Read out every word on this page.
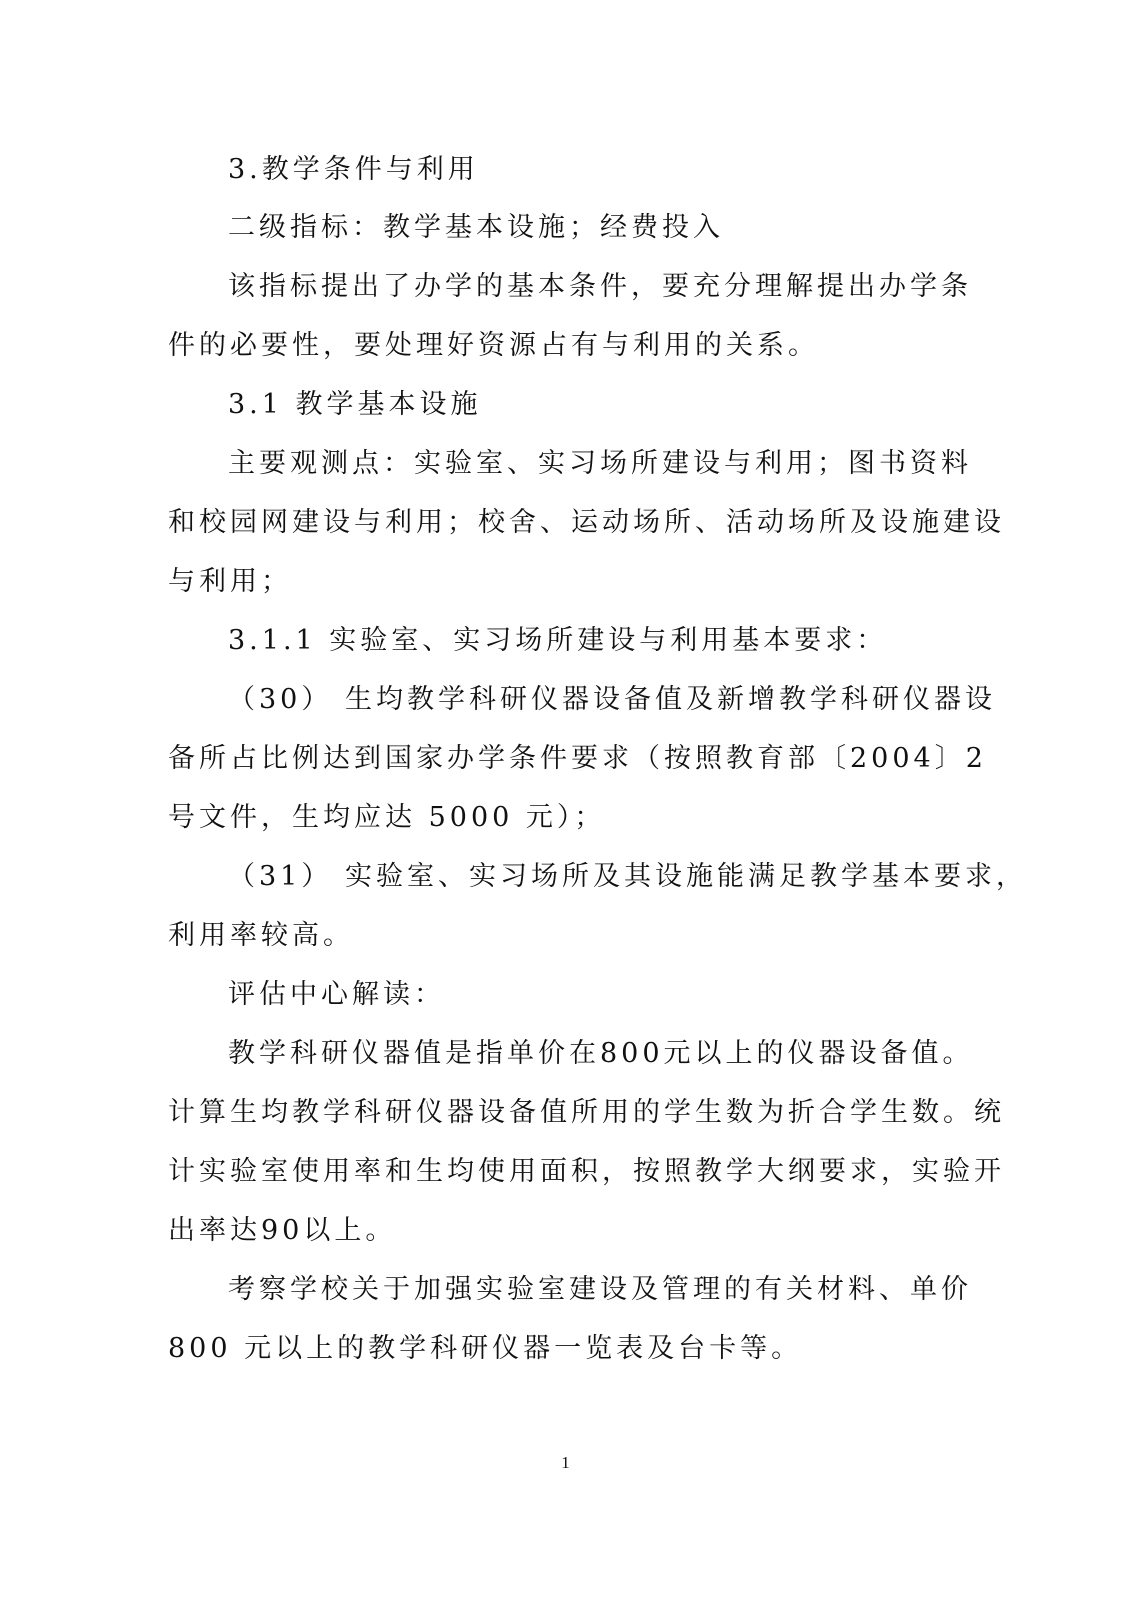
3.教学条件与利用
二级指标：教学基本设施；经费投入
该指标提出了办学的基本条件，要充分理解提出办学条
件的必要性，要处理好资源占有与利用的关系。
3.1 教学基本设施
主要观测点：实验室、实习场所建设与利用；图书资料
和校园网建设与利用；校舍、运动场所、活动场所及设施建设
与利用；
3.1.1 实验室、实习场所建设与利用基本要求：
（30） 生均教学科研仪器设备值及新增教学科研仪器设
备所占比例达到国家办学条件要求（按照教育部〔2004〕2
号文件，生均应达 5000 元）；
（31） 实验室、实习场所及其设施能满足教学基本要求，
利用率较高。
评估中心解读：
教学科研仪器值是指单价在800元以上的仪器设备值。
计算生均教学科研仪器设备值所用的学生数为折合学生数。统
计实验室使用率和生均使用面积，按照教学大纲要求，实验开
出率达90以上。
考察学校关于加强实验室建设及管理的有关材料、单价
800 元以上的教学科研仪器一览表及台卡等。
1
